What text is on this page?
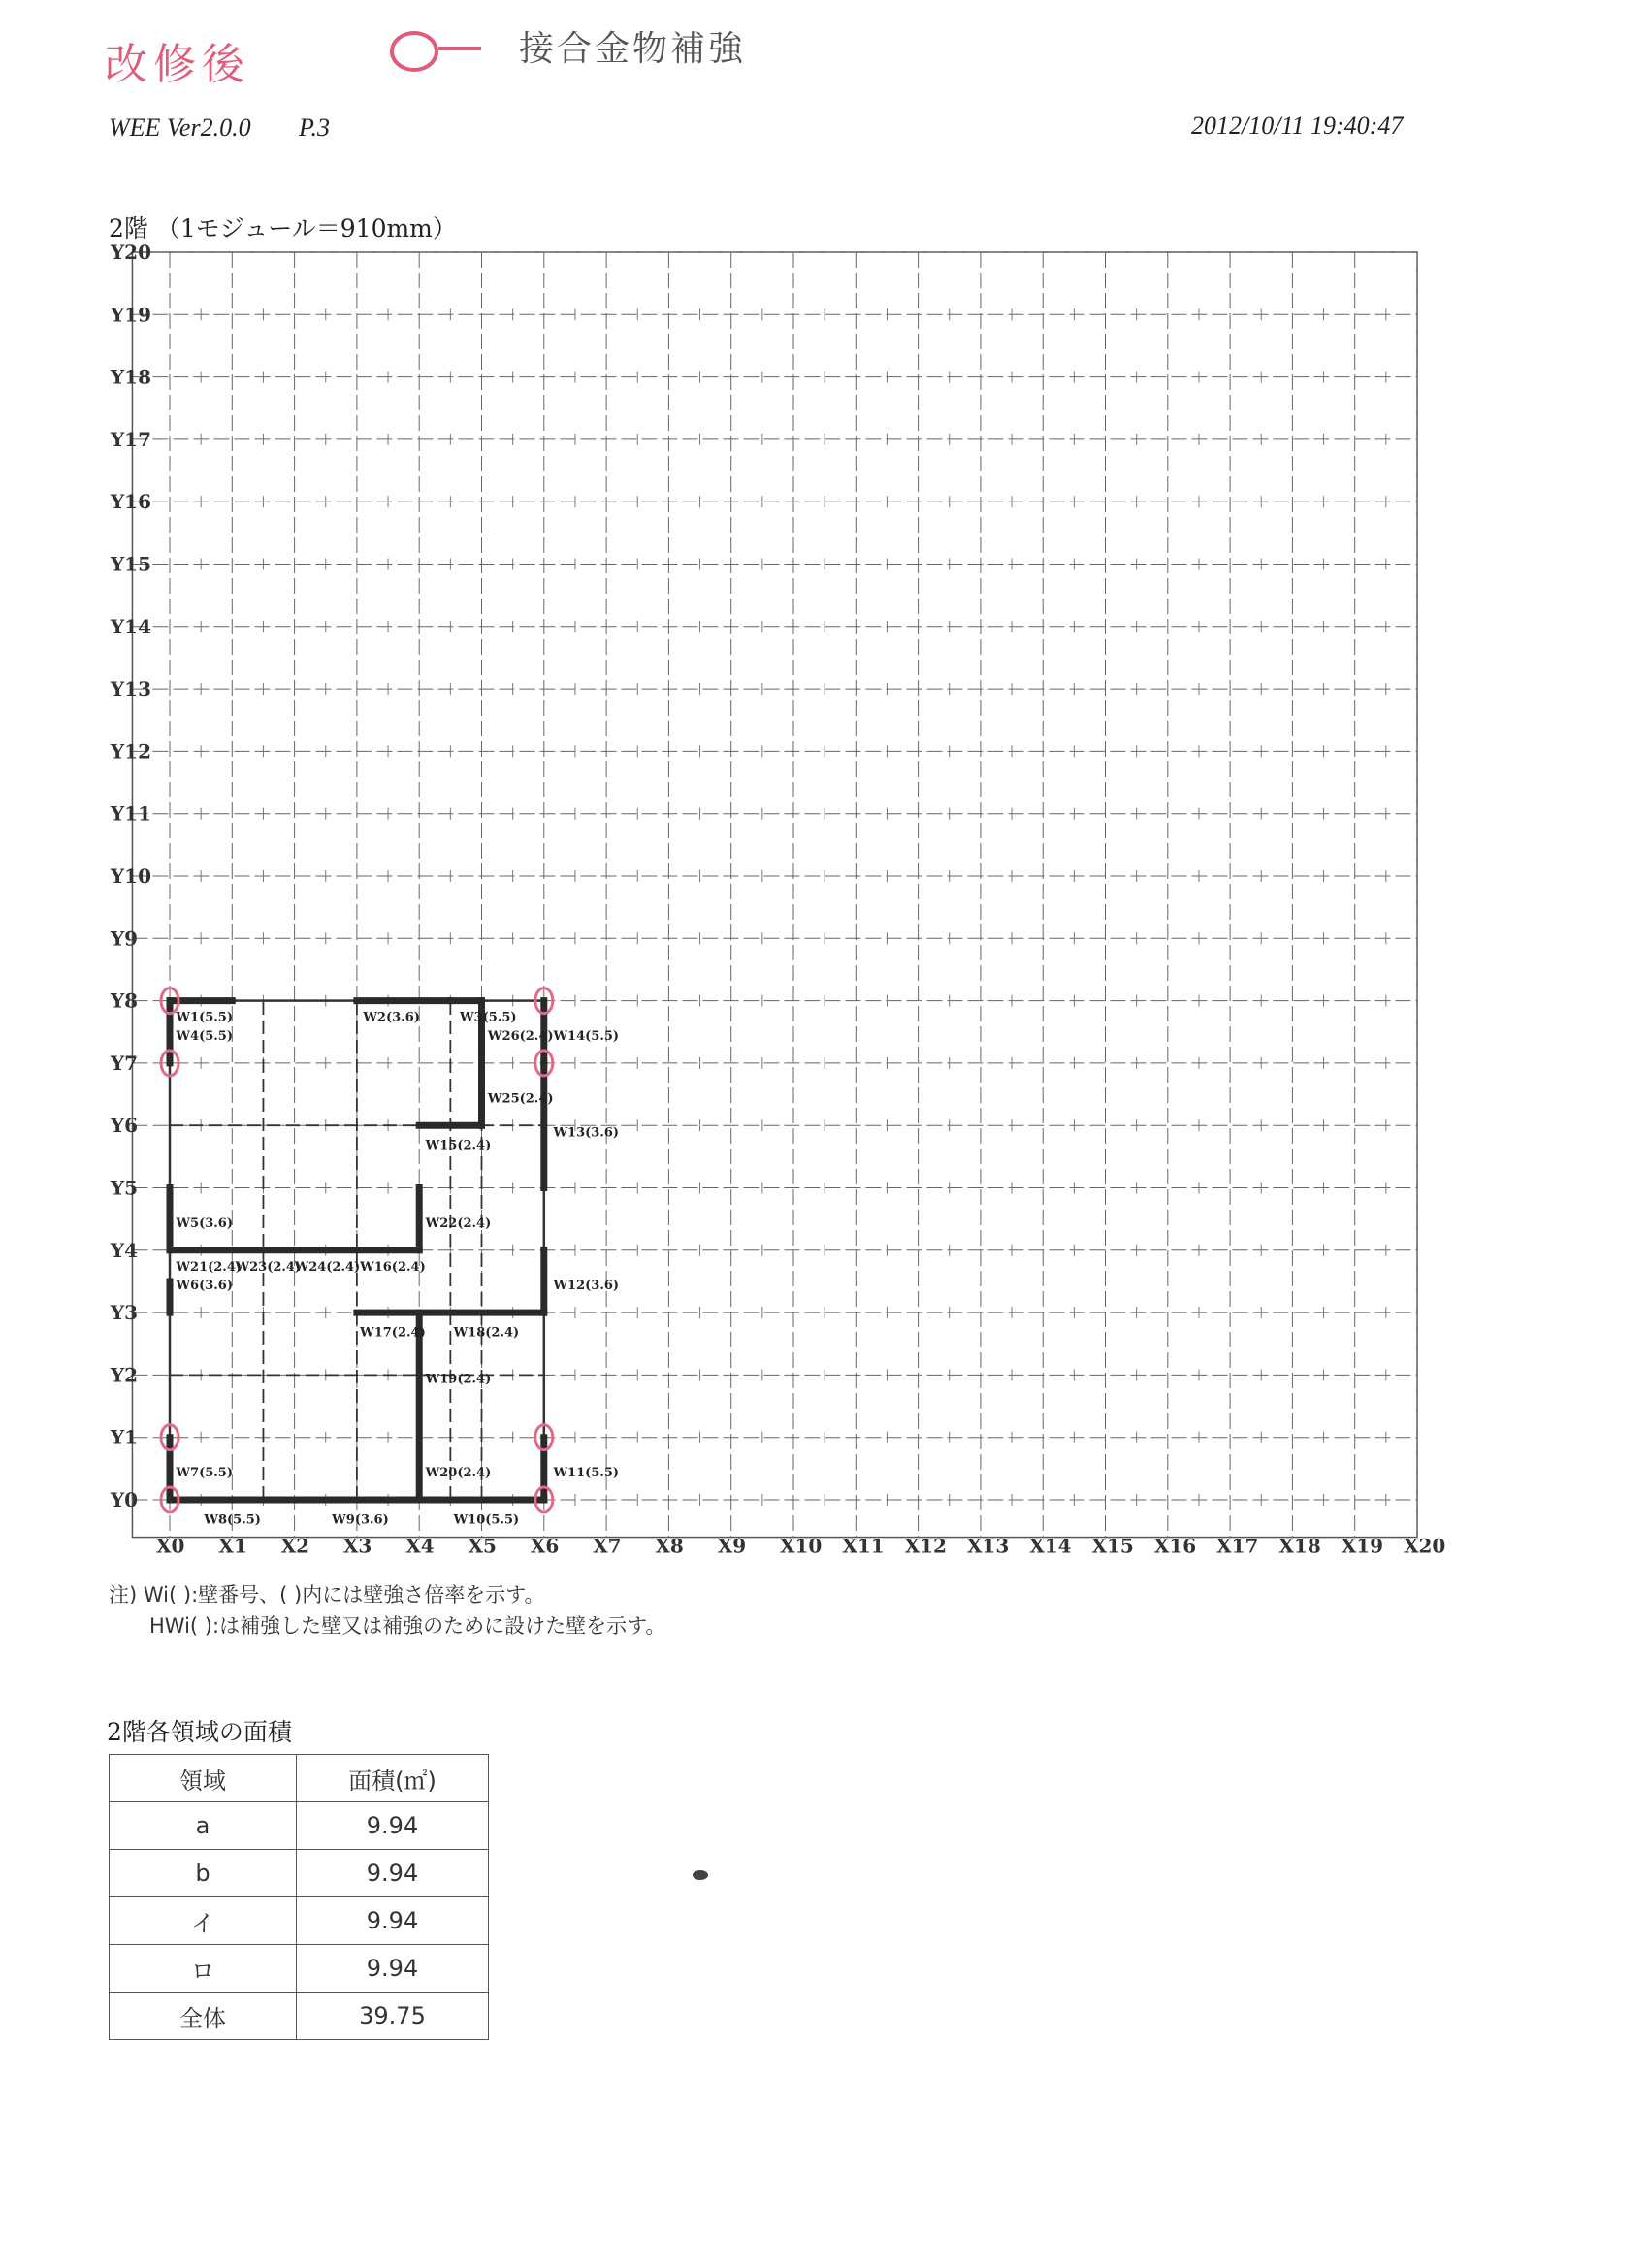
改修後	接合金物補強
WEE Ver2.0.0 P.3	2012/10/11 19:40:47
2階 （1モジュール＝910mm）
Y0
Y1
Y2
Y3
Y4
Y5
Y6
Y7
Y8
Y9
Y10
Y11
Y12
Y13
Y14
Y15
Y16
Y17
Y18
Y19
Y20
X0 X1 X2 X3 X4 X5 X6 X7 X8 X9 X10 X11 X12 X13 X14 X15 X16 X17 X18 X19 X20
W1(5.5)
W4(5.5)
W2(3.6)	W3(5.5)
W26(2.4) W14(5.5)
W25(2.4)
W13(3.6)
W15(2.4)
W5(3.6)	W22(2.4)
W21(2.4)
W23(2.4)
W24(2.4) W16(2.4)
W6(3.6)	W12(3.6)
W17(2.4) W18(2.4)
W19(2.4)
W7(5.5)	W20(2.4)	W11(5.5)
W8(5.5)	W9(3.6)	W10(5.5)
注) Wi( ):壁番号、( )内には壁強さ倍率を示す。
HWi( ):は補強した壁又は補強のために設けた壁を示す。
2階各領域の面積
領域	面積(㎡)
a	9.94
b	9.94
イ	9.94
ロ	9.94
全体	39.75
